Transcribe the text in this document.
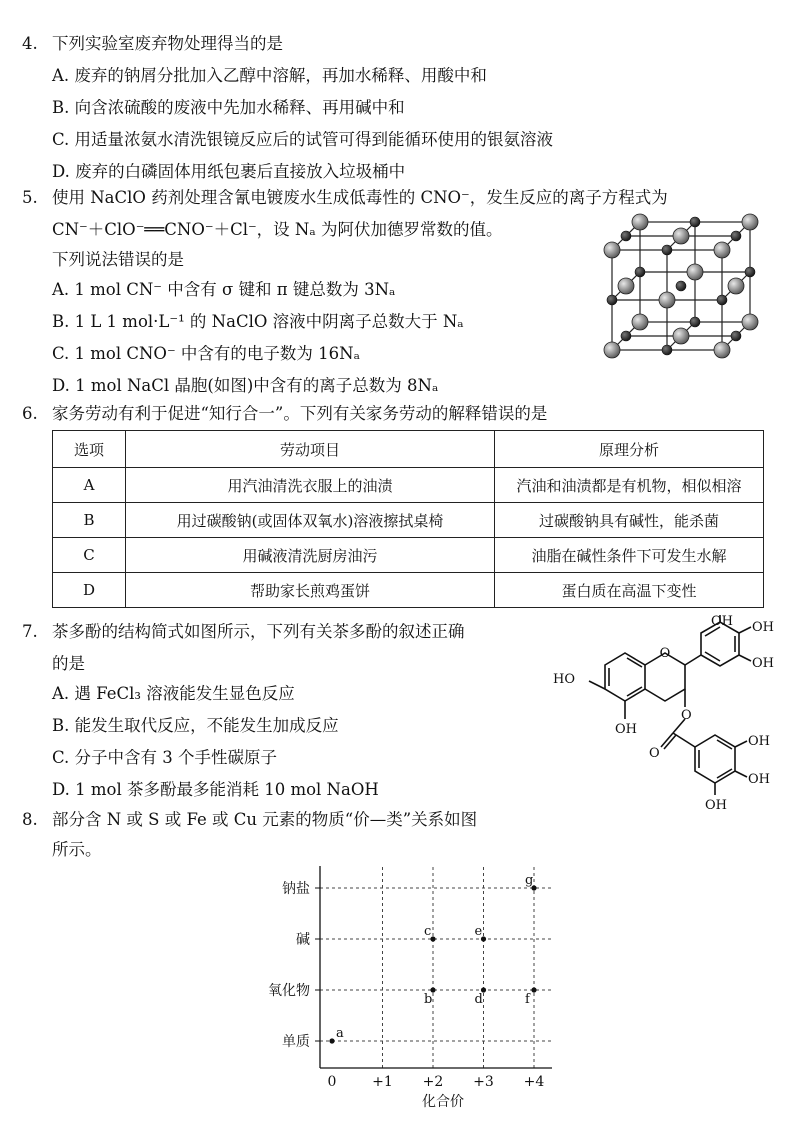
4. 下列实验室废弃物处理得当的是
A. 废弃的钠屑分批加入乙醇中溶解，再加水稀释、用酸中和
B. 向含浓硫酸的废液中先加水稀释、再用碱中和
C. 用适量浓氨水清洗银镜反应后的试管可得到能循环使用的银氨溶液
D. 废弃的白磷固体用纸包裹后直接放入垃圾桶中
5. 使用 NaClO 药剂处理含氰电镀废水生成低毒性的 CNO⁻，发生反应的离子方程式为
CN⁻＋ClO⁻══CNO⁻＋Cl⁻，设 Nₐ 为阿伏加德罗常数的值。
下列说法错误的是
A. 1 mol CN⁻ 中含有 σ 键和 π 键总数为 3Nₐ
B. 1 L 1 mol·L⁻¹ 的 NaClO 溶液中阴离子总数大于 Nₐ
C. 1 mol CNO⁻ 中含有的电子数为 16Nₐ
D. 1 mol NaCl 晶胞(如图)中含有的离子总数为 8Nₐ
6. 家务劳动有利于促进“知行合一”。下列有关家务劳动的解释错误的是
选项	劳动项目	原理分析
A	用汽油清洗衣服上的油渍	汽油和油渍都是有机物，相似相溶
B	用过碳酸钠(或固体双氧水)溶液擦拭桌椅	过碳酸钠具有碱性，能杀菌
C	用碱液清洗厨房油污	油脂在碱性条件下可发生水解
D	帮助家长煎鸡蛋饼	蛋白质在高温下变性
7. 茶多酚的结构简式如图所示，下列有关茶多酚的叙述正确
的是
A. 遇 FeCl₃ 溶液能发生显色反应
B. 能发生取代反应，不能发生加成反应
C. 分子中含有 3 个手性碳原子
D. 1 mol 茶多酚最多能消耗 10 mol NaOH
O
OH OH
OH
HO
OH
O
O
OH
OH
OH
8. 部分含 N 或 S 或 Fe 或 Cu 元素的物质“价—类”关系如图
所示。
单质
氧化物
碱
钠盐
0	+1 +2 +3 +4
a
b
c
d
e
f
g
化合价
